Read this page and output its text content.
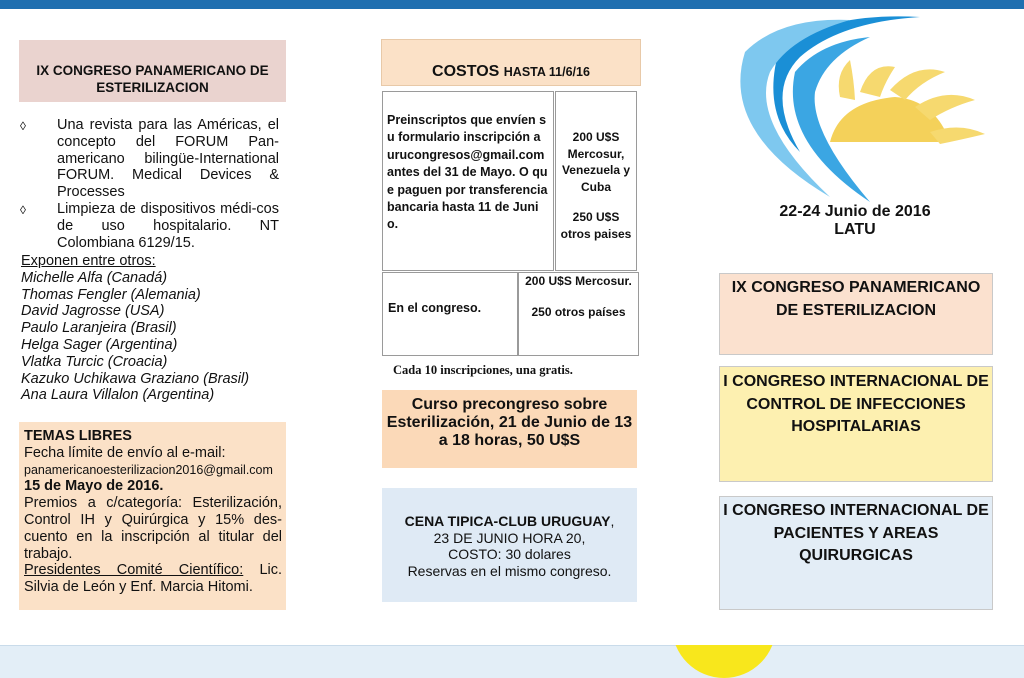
IX CONGRESO PANAMERICANO DE ESTERILIZACION
◊	Una revista para las Américas, el concepto del FORUM Pan-americano bilingüe-International FORUM. Medical Devices & Processes
◊	Limpieza de dispositivos médi-cos de uso hospitalario. NT Colombiana 6129/15.
Exponen entre otros:
Michelle Alfa (Canadá)
Thomas Fengler (Alemania)
David Jagrosse (USA)
Paulo Laranjeira (Brasil)
Helga Sager (Argentina)
Vlatka Turcic (Croacia)
Kazuko Uchikawa Graziano (Brasil)
Ana Laura Villalon (Argentina)
TEMAS LIBRES
Fecha límite de envío al e-mail:
panamericanoesterilizacion2016@gmail.com
15 de Mayo de 2016.
Premios a c/categoría: Esterilización, Control IH y Quirúrgica y 15% des-cuento en la inscripción al titular del trabajo.
Presidentes Comité Científico: Lic. Silvia de León y Enf. Marcia Hitomi.
COSTOS HASTA 11/6/16
Preinscriptos que envíen su formulario inscripción a urucongresos@gmail.com antes del 31 de Mayo. O que paguen por transferencia bancaria hasta 11 de Junio.
200 U$S Mercosur, Venezuela y Cuba
250 U$S otros paises
En el congreso.
200 U$S Mercosur.
250 otros países
Cada 10 inscripciones, una gratis.
Curso precongreso sobre Esterilización, 21 de Junio de 13 a 18 horas, 50 U$S
CENA TIPICA-CLUB URUGUAY,
23 DE JUNIO HORA 20,
COSTO: 30 dolares
Reservas en el mismo congreso.
22-24 Junio de 2016
LATU
IX CONGRESO PANAMERICANO DE ESTERILIZACION
I CONGRESO INTERNACIONAL DE CONTROL DE INFECCIONES HOSPITALARIAS
I CONGRESO INTERNACIONAL DE PACIENTES Y AREAS QUIRURGICAS
